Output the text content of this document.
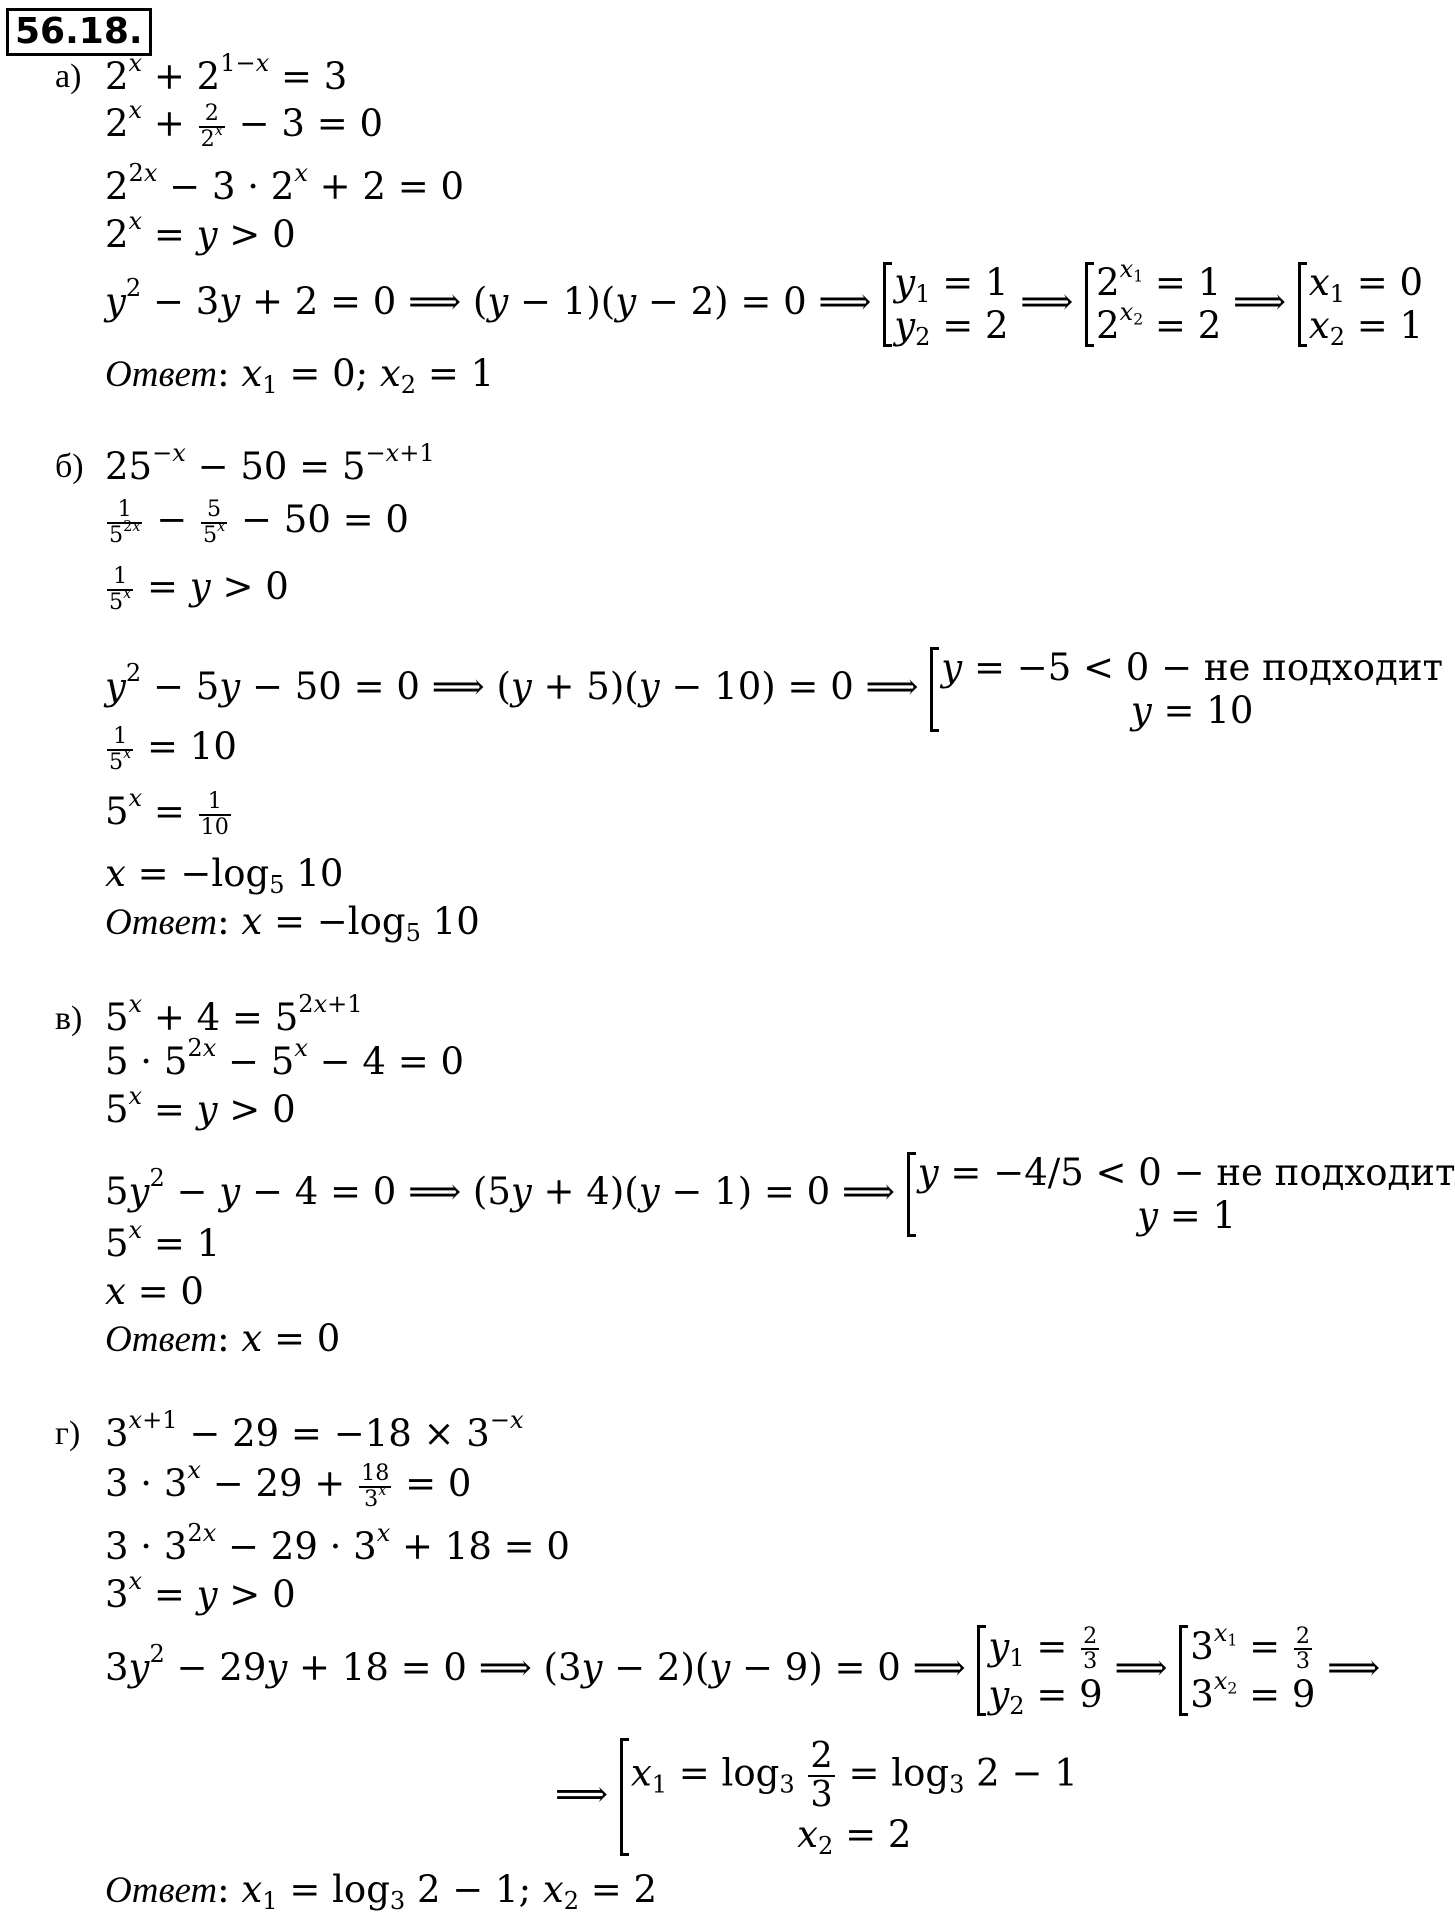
56.18.
а) $2^x + 2^{1-x} = 3$
$2^x + \frac{2}{2^x} - 3 = 0$
$2^{2x} - 3 \cdot 2^x + 2 = 0$
$2^x = y > 0$
$y^2 - 3y + 2 = 0$ ⟹ (y − 1)(y − 2) = 0 ⟹ $y_1 = 1$
$y_2 = 2$
⟹ $2^{x_1} = 1$
$2^{x_2} = 2$
⟹ $x_1 = 0$
$x_2 = 1$
Ответ: $x_1 = 0$; $x_2 = 1$
б) $25^{-x} - 50 = 5^{-x+1}$
$\frac{1}{5^{2x}} - \frac{5}{5^x} - 50 = 0$
$\frac{1}{5^x} = y > 0$
$y^2 - 5y - 50 = 0$ ⟹ (y + 5)(y − 10) = 0 ⟹ y = −5 < 0 − не подходит
y = 10
$\frac{1}{5^x} = 10$
$5^x = \frac{1}{10}$
$x = -\log_5$ 10
Ответ: $x = -\log_5$ 10
в) $5^x + 4 = 5^{2x+1}$
$5 \cdot 5^{2x} - 5^x - 4 = 0$
$5^x = y > 0$
$5y^2 - y - 4 = 0$ ⟹ (5y + 4)(y − 1) = 0 ⟹ y = −4/5 < 0 − не подходит
y = 1
$5^x = 1$
x = 0
Ответ: x = 0
г) $3^{x+1} - 29 = -18 \times 3^{-x}$
$3 \cdot 3^x - 29 + \frac{18}{3^x} = 0$
$3 \cdot 3^{2x} - 29 \cdot 3^x + 18 = 0$
$3^x = y > 0$
$3y^2 - 29y + 18 = 0$ ⟹ (3y − 2)(y − 9) = 0 ⟹ $y_1 = \frac{2}{3}$
$y_2 = 9$
⟹ $3^{x_1} = \frac{2}{3}$
$3^{x_2} = 9$
⟹
⟹ $x_1 = \log_3 \frac{2}{3} = \log_3 2 - 1$
$x_2 = 2$
Ответ: $x_1 = \log_3 2 - 1$; $x_2 = 2$
